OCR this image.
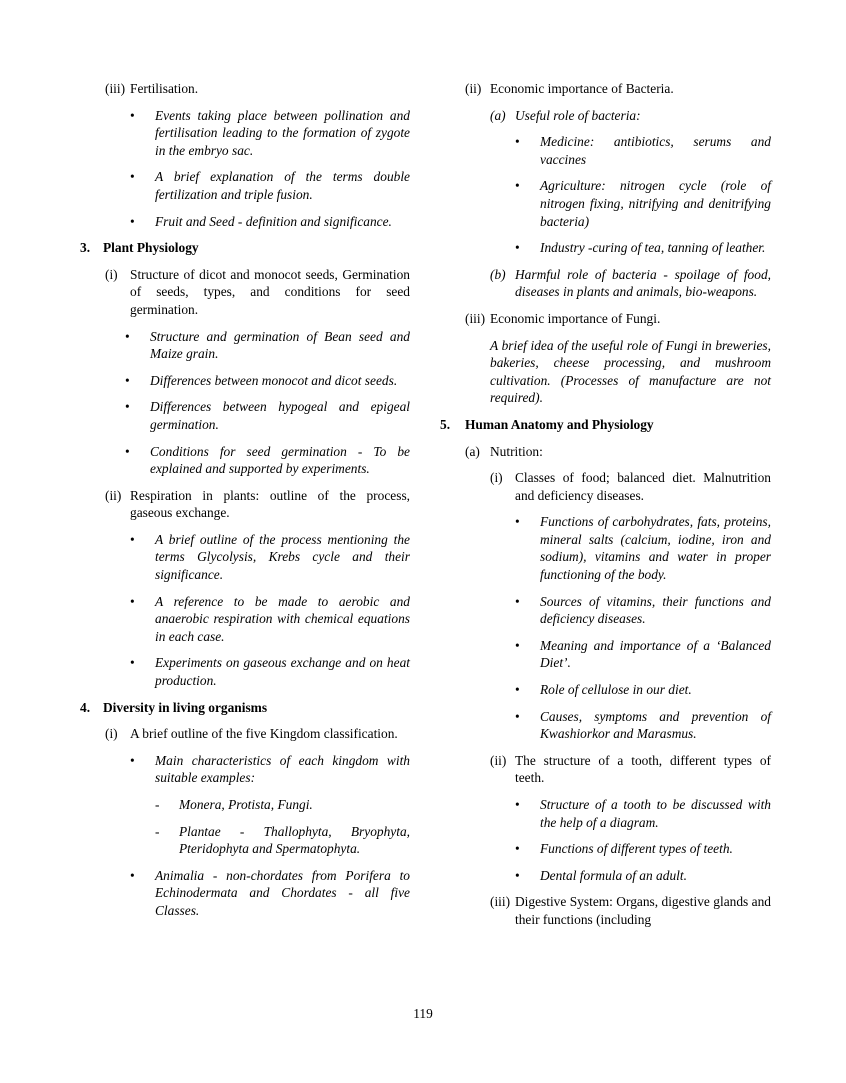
(iii) Fertilisation.
•	Events taking place between pollination and fertilisation leading to the formation of zygote in the embryo sac.
•	A brief explanation of the terms double fertilization and triple fusion.
•	Fruit and Seed - definition and significance.
3. Plant Physiology
(i) Structure of dicot and monocot seeds, Germination of seeds, types, and conditions for seed germination.
•	Structure and germination of Bean seed and Maize grain.
•	Differences between monocot and dicot seeds.
•	Differences between hypogeal and epigeal germination.
•	Conditions for seed germination - To be explained and supported by experiments.
(ii) Respiration in plants: outline of the process, gaseous exchange.
•	A brief outline of the process mentioning the terms Glycolysis, Krebs cycle and their significance.
•	A reference to be made to aerobic and anaerobic respiration with chemical equations in each case.
•	Experiments on gaseous exchange and on heat production.
4. Diversity in living organisms
(i) A brief outline of the five Kingdom classification.
•	Main characteristics of each kingdom with suitable examples:
-	Monera, Protista, Fungi.
-	Plantae - Thallophyta, Bryophyta, Pteridophyta and Spermatophyta.
•	Animalia - non-chordates from Porifera to Echinodermata and Chordates - all five Classes.
(ii) Economic importance of Bacteria.
(a) Useful role of bacteria:
•	Medicine: antibiotics, serums and vaccines
•	Agriculture: nitrogen cycle (role of nitrogen fixing, nitrifying and denitrifying bacteria)
•	Industry -curing of tea, tanning of leather.
(b) Harmful role of bacteria - spoilage of food, diseases in plants and animals, bio-weapons.
(iii) Economic importance of Fungi.
A brief idea of the useful role of Fungi in breweries, bakeries, cheese processing, and mushroom cultivation. (Processes of manufacture are not required).
5.	Human Anatomy and Physiology
(a) Nutrition:
(i) Classes of food; balanced diet. Malnutrition and deficiency diseases.
•	Functions of carbohydrates, fats, proteins, mineral salts (calcium, iodine, iron and sodium), vitamins and water in proper functioning of the body.
•	Sources of vitamins, their functions and deficiency diseases.
•	Meaning and importance of a ‘Balanced Diet’.
•	Role of cellulose in our diet.
•	Causes, symptoms and prevention of Kwashiorkor and Marasmus.
(ii) The structure of a tooth, different types of teeth.
•	Structure of a tooth to be discussed with the help of a diagram.
•	Functions of different types of teeth.
•	Dental formula of an adult.
(iii) Digestive System: Organs, digestive glands and their functions (including
119
